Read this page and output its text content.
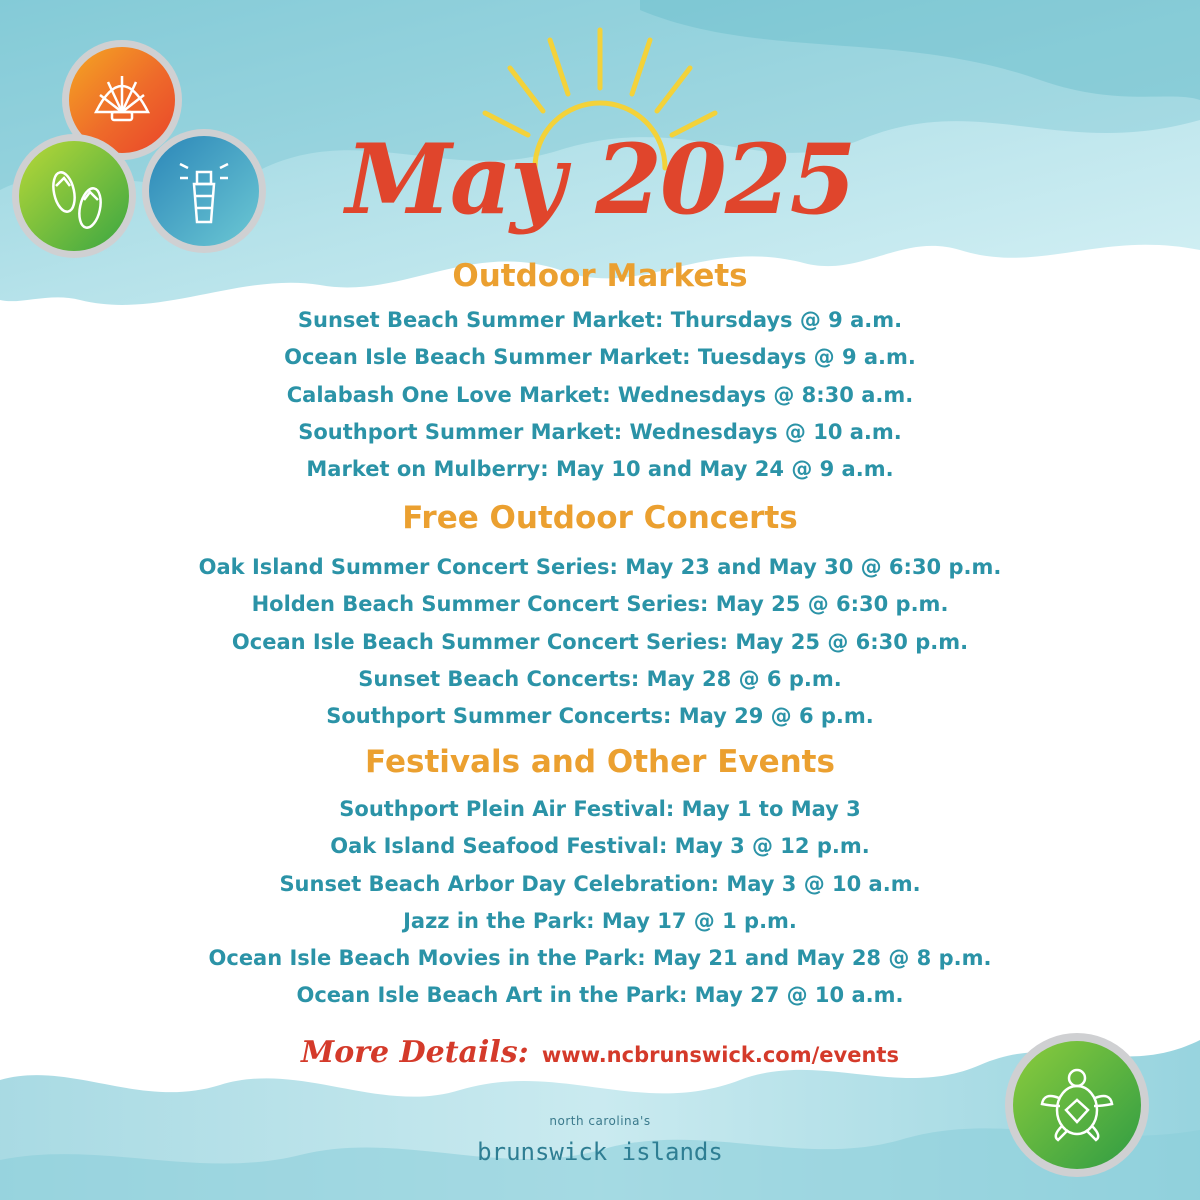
May 2025
Outdoor Markets
Sunset Beach Summer Market: Thursdays @ 9 a.m.
Ocean Isle Beach Summer Market: Tuesdays @ 9 a.m.
Calabash One Love Market: Wednesdays @ 8:30 a.m.
Southport Summer Market: Wednesdays @ 10 a.m.
Market on Mulberry: May 10 and May 24 @ 9 a.m.
Free Outdoor Concerts
Oak Island Summer Concert Series: May 23 and May 30 @ 6:30 p.m.
Holden Beach Summer Concert Series: May 25 @ 6:30 p.m.
Ocean Isle Beach Summer Concert Series: May 25 @ 6:30 p.m.
Sunset Beach Concerts: May 28 @ 6 p.m.
Southport Summer Concerts: May 29 @ 6 p.m.
Festivals and Other Events
Southport Plein Air Festival: May 1 to May 3
Oak Island Seafood Festival: May 3 @ 12 p.m.
Sunset Beach Arbor Day Celebration: May 3 @ 10 a.m.
Jazz in the Park: May 17 @ 1 p.m.
Ocean Isle Beach Movies in the Park: May 21 and May 28 @ 8 p.m.
Ocean Isle Beach Art in the Park: May 27 @ 10 a.m.
More Details: www.ncbrunswick.com/events
north carolina's
brunswick islands
